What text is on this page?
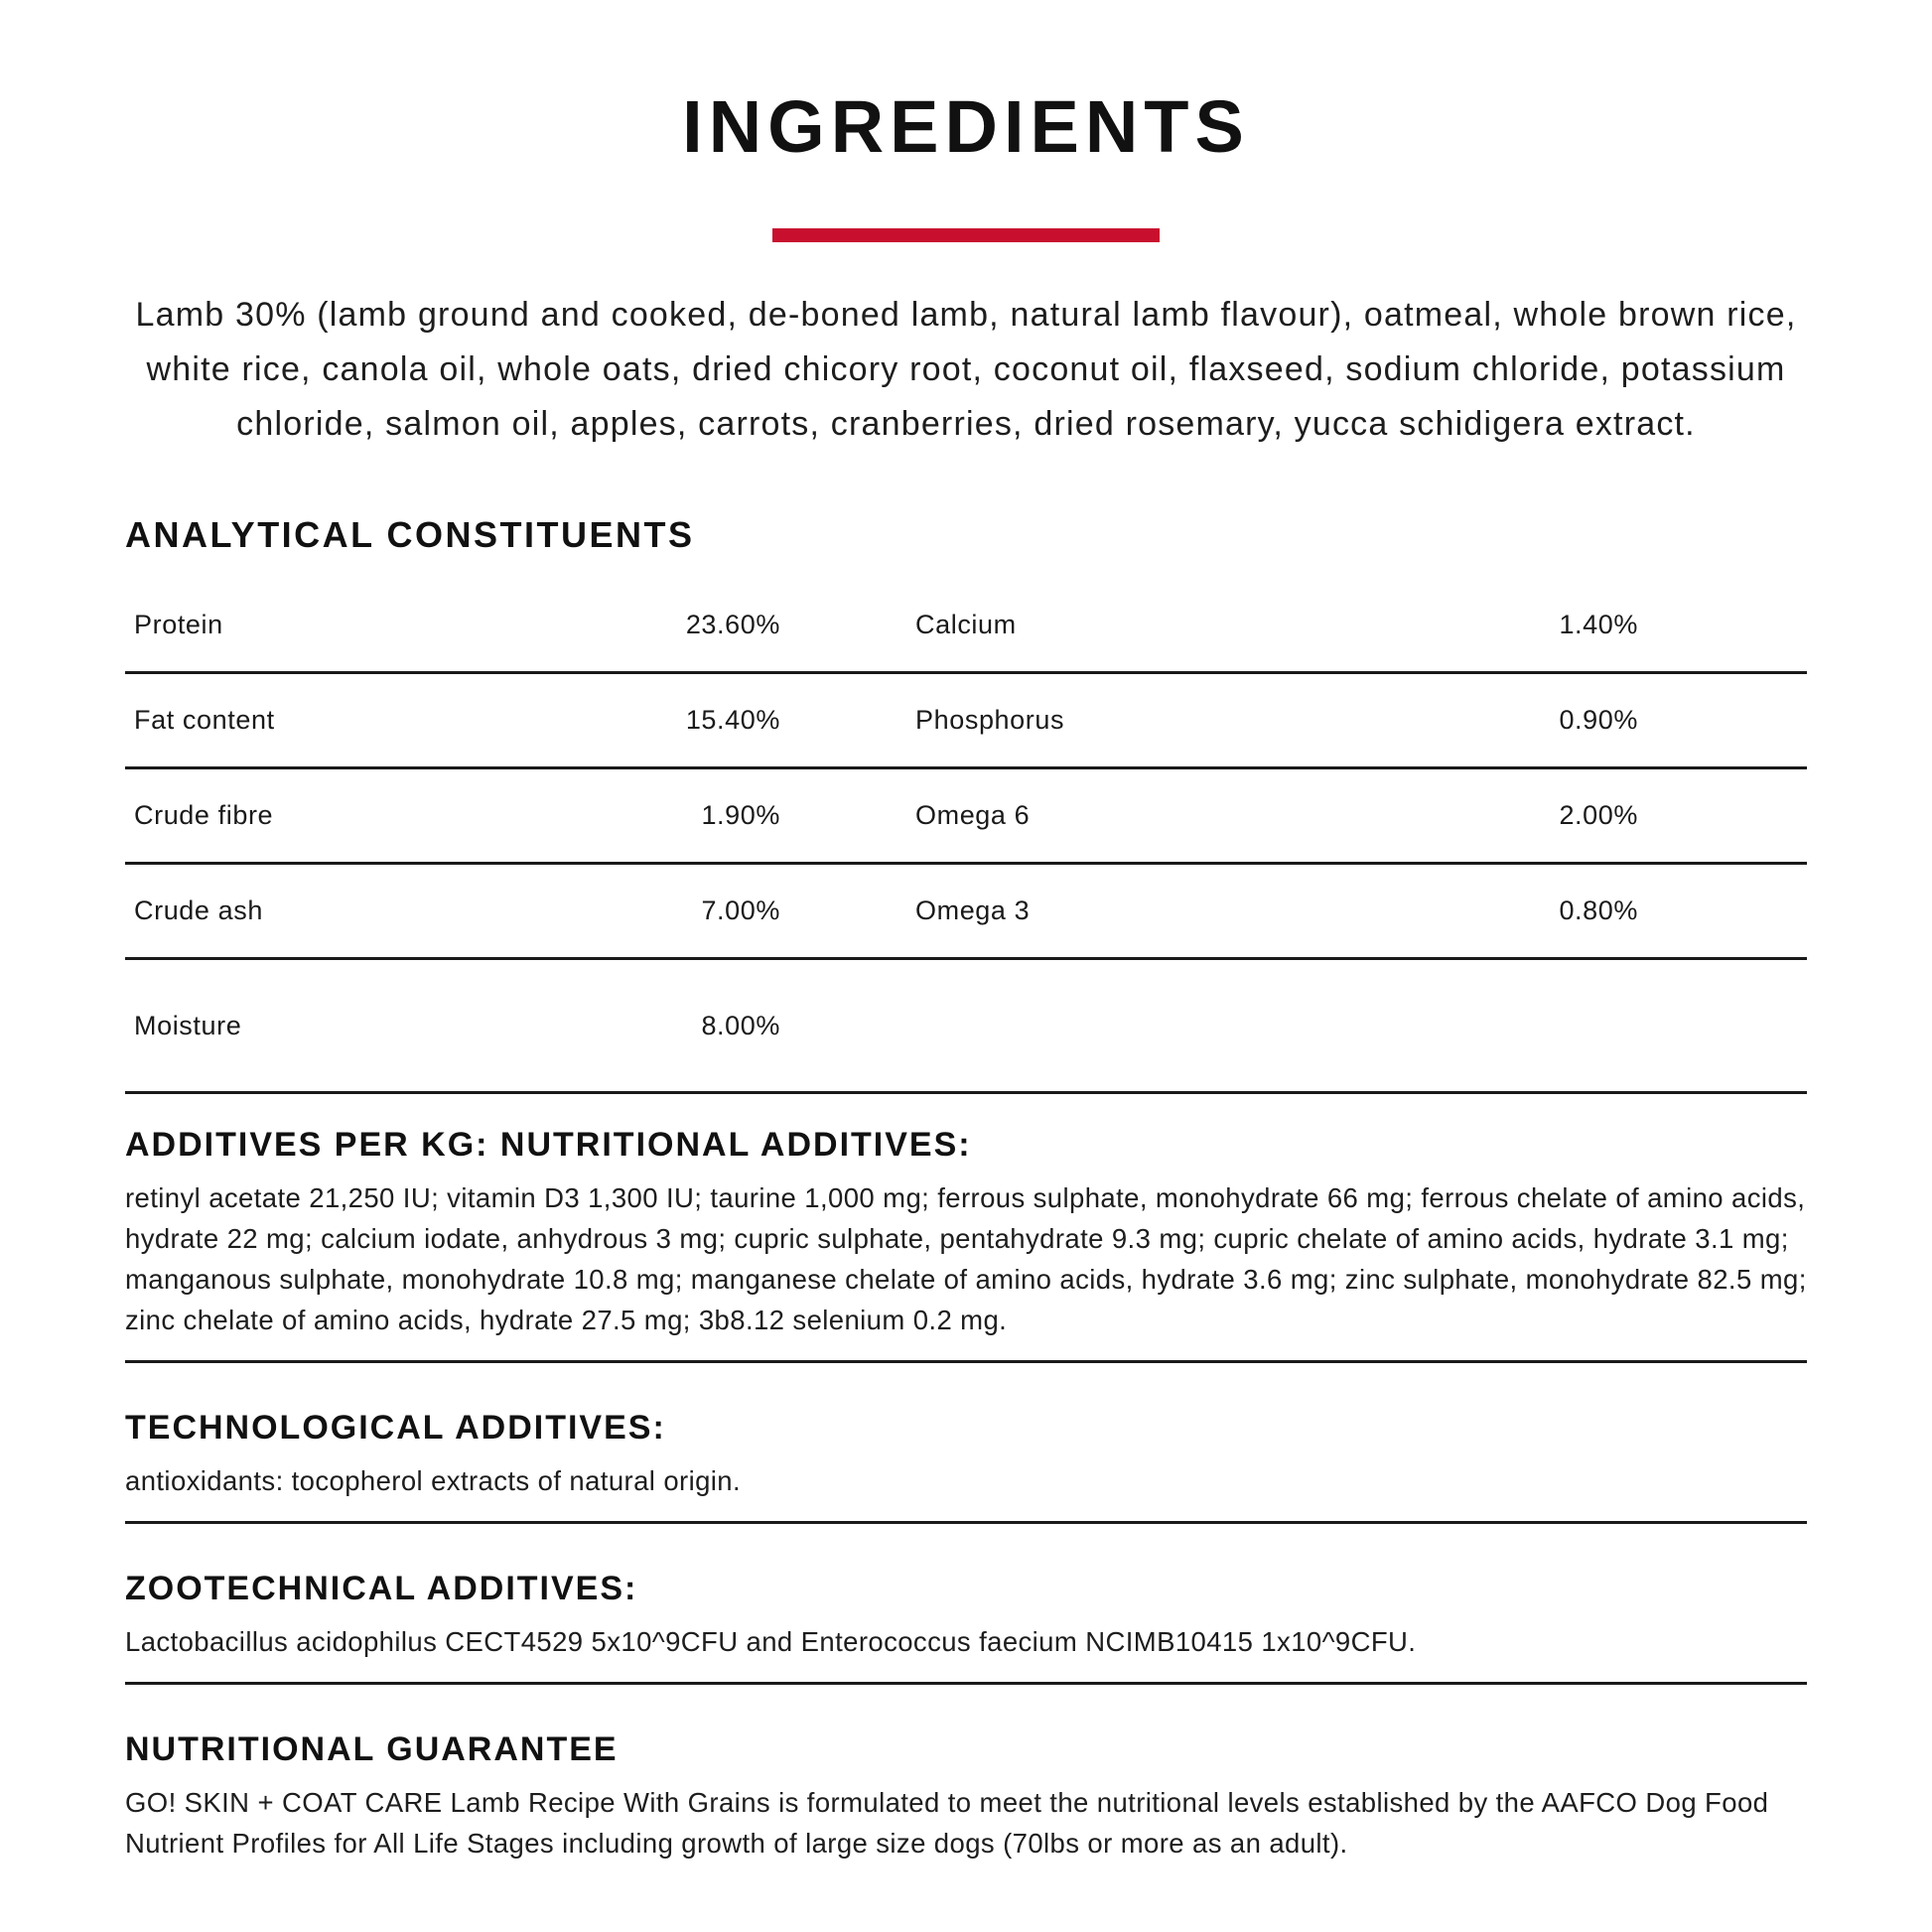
INGREDIENTS

Lamb 30% (lamb ground and cooked, de-boned lamb, natural lamb flavour), oatmeal, whole brown rice, white rice, canola oil, whole oats, dried chicory root, coconut oil, flaxseed, sodium chloride, potassium chloride, salmon oil, apples, carrots, cranberries, dried rosemary, yucca schidigera extract.

ANALYTICAL CONSTITUENTS
Protein	23.60%	Calcium	1.40%
Fat content	15.40%	Phosphorus	0.90%
Crude fibre	1.90%	Omega 6	2.00%
Crude ash	7.00%	Omega 3	0.80%
Moisture	8.00%
ADDITIVES PER KG: NUTRITIONAL ADDITIVES:

retinyl acetate 21,250 IU; vitamin D3 1,300 IU; taurine 1,000 mg; ferrous sulphate, monohydrate 66 mg; ferrous chelate of amino acids, hydrate 22 mg; calcium iodate, anhydrous 3 mg; cupric sulphate, pentahydrate 9.3 mg; cupric chelate of amino acids, hydrate 3.1 mg; manganous sulphate, monohydrate 10.8 mg; manganese chelate of amino acids, hydrate 3.6 mg; zinc sulphate, monohydrate 82.5 mg; zinc chelate of amino acids, hydrate 27.5 mg; 3b8.12 selenium 0.2 mg.

TECHNOLOGICAL ADDITIVES:

antioxidants: tocopherol extracts of natural origin.

ZOOTECHNICAL ADDITIVES:

Lactobacillus acidophilus CECT4529 5x10^9CFU and Enterococcus faecium NCIMB10415 1x10^9CFU.

NUTRITIONAL GUARANTEE

GO! SKIN + COAT CARE Lamb Recipe With Grains is formulated to meet the nutritional levels established by the AAFCO Dog Food Nutrient Profiles for All Life Stages including growth of large size dogs (70lbs or more as an adult).
